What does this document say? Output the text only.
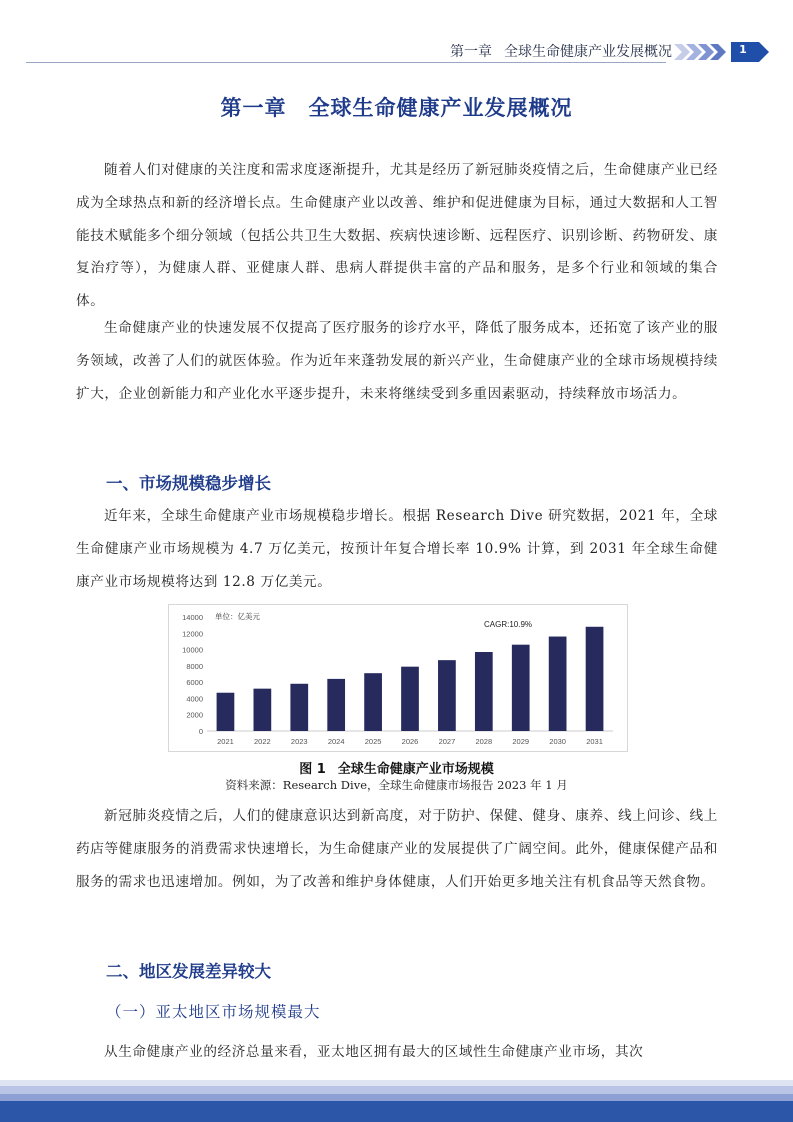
第一章 全球生命健康产业发展概况	1
第一章　全球生命健康产业发展概况

随着人们对健康的关注度和需求度逐渐提升，尤其是经历了新冠肺炎疫情之后，生命健康产业已经成为全球热点和新的经济增长点。生命健康产业以改善、维护和促进健康为目标，通过大数据和人工智能技术赋能多个细分领域（包括公共卫生大数据、疾病快速诊断、远程医疗、识别诊断、药物研发、康复治疗等），为健康人群、亚健康人群、患病人群提供丰富的产品和服务，是多个行业和领域的集合体。

生命健康产业的快速发展不仅提高了医疗服务的诊疗水平，降低了服务成本，还拓宽了该产业的服务领域，改善了人们的就医体验。作为近年来蓬勃发展的新兴产业，生命健康产业的全球市场规模持续扩大，企业创新能力和产业化水平逐步提升，未来将继续受到多重因素驱动，持续释放市场活力。

一、市场规模稳步增长

近年来，全球生命健康产业市场规模稳步增长。根据 Research Dive 研究数据，2021 年，全球生命健康产业市场规模为 4.7 万亿美元，按预计年复合增长率 10.9% 计算，到 2031 年全球生命健康产业市场规模将达到 12.8 万亿美元。

0
2000
4000
6000
8000
10000
12000
14000
2021	2022	2023	2024	2025	2026	2027	2028	2029	2030	2031
单位：亿美元
CAGR:10.9%
图 1 全球生命健康产业市场规模
资料来源：Research Dive，全球生命健康市场报告 2023 年 1 月

新冠肺炎疫情之后，人们的健康意识达到新高度，对于防护、保健、健身、康养、线上问诊、线上药店等健康服务的消费需求快速增长，为生命健康产业的发展提供了广阔空间。此外，健康保健产品和服务的需求也迅速增加。例如，为了改善和维护身体健康，人们开始更多地关注有机食品等天然食物。

二、地区发展差异较大
（一）亚太地区市场规模最大

从生命健康产业的经济总量来看，亚太地区拥有最大的区域性生命健康产业市场，其次
